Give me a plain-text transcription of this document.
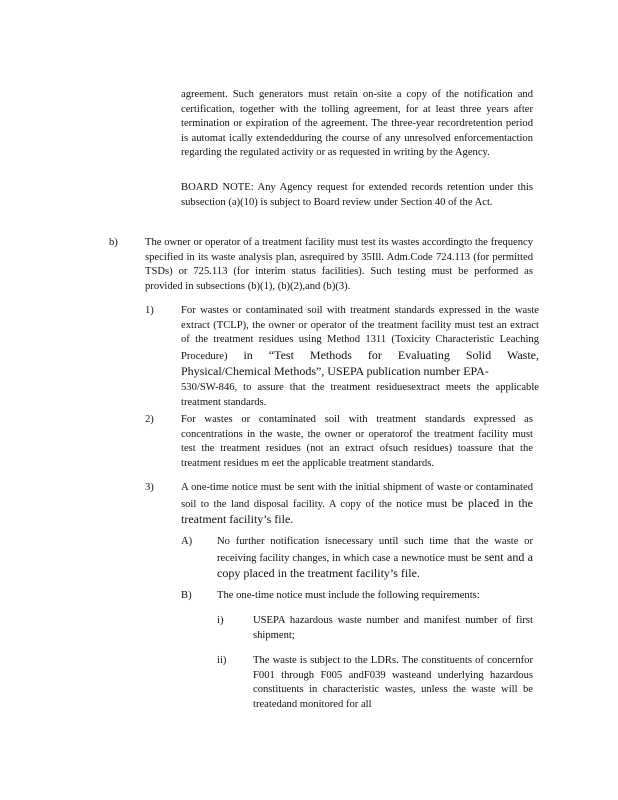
agreement. Such generators must retain on-site a copy of the notification and certification, together with the tolling agreement, for at least three years after termination or expiration of the agreement. The three-year recordretention period is automat ically extendedduring the course of any unresolved enforcementaction regarding the regulated activity or as requested in writing by the Agency.

BOARD NOTE: Any Agency request for extended records retention under this subsection (a)(10) is subject to Board review under Section 40 of the Act.

b)	The owner or operator of a treatment facility must test its wastes accordingto the frequency specified in its waste analysis plan, asrequired by 35Ill. Adm.Code 724.113 (for permitted TSDs) or 725.113 (for interim status facilities). Such testing must be performed as provided in subsections (b)(1), (b)(2),and (b)(3).

1)	For wastes or contaminated soil with treatment standards expressed in the waste extract (TCLP), the owner or operator of the treatment facility must test an extract of the treatment residues using Method 1311 (Toxicity Characteristic Leaching Procedure) in “Test Methods for Evaluating Solid Waste, Physical/Chemical Methods”, USEPA publication number EPA-
530/SW-846, to assure that the treatment residuesextract meets the applicable treatment standards.

2)	For wastes or contaminated soil with treatment standards expressed as concentrations in the waste, the owner or operatorof the treatment facility must test the treatment residues (not an extract ofsuch residues) toassure that the treatment residues m eet the applicable treatment standards.

3)	A one-time notice must be sent with the initial shipment of waste or contaminated soil to the land disposal facility. A copy of the notice must be placed in the treatment facility’s file.

A) No further notification isnecessary until such time that the waste or receiving facility changes, in which case a newnotice must be sent and a copy placed in the treatment facility’s file.

B) The one-time notice must include the following requirements:

i)	USEPA hazardous waste number and manifest number of first shipment;

ii)	The waste is subject to the LDRs. The constituents of concernfor F001 through F005 andF039 wasteand underlying hazardous constituents in characteristic wastes, unless the waste will be treatedand monitored for all
